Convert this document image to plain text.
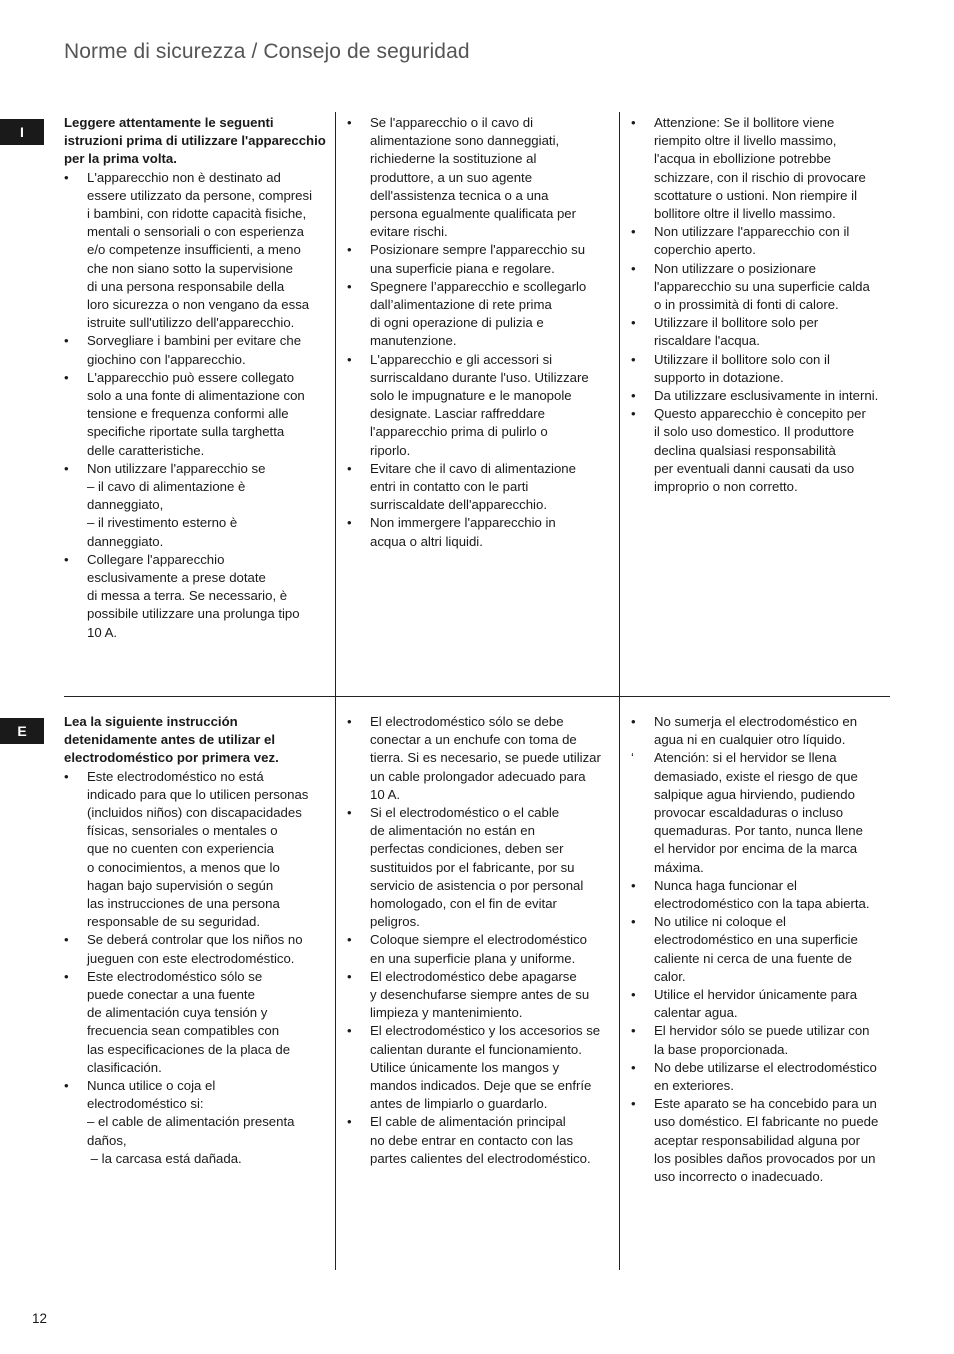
Norme di sicurezza / Consejo de seguridad
I
Leggere attentamente le seguenti istruzioni prima di utilizzare l'apparecchio per la prima volta.
• L'apparecchio non è destinato ad
essere utilizzato da persone, compresi
i bambini, con ridotte capacità fisiche,
mentali o sensoriali o con esperienza
e/o competenze insufficienti, a meno
che non siano sotto la supervisione
di una persona responsabile della
loro sicurezza o non vengano da essa
istruite sull'utilizzo dell'apparecchio.
• Sorvegliare i bambini per evitare che
giochino con l'apparecchio.
• L'apparecchio può essere collegato
solo a una fonte di alimentazione con
tensione e frequenza conformi alle
specifiche riportate sulla targhetta
delle caratteristiche.
• Non utilizzare l'apparecchio se
– il cavo di alimentazione è
danneggiato,
– il rivestimento esterno è
danneggiato.
• Collegare l'apparecchio
esclusivamente a prese dotate
di messa a terra. Se necessario, è
possibile utilizzare una prolunga tipo
10 A.
• Se l'apparecchio o il cavo di
alimentazione sono danneggiati,
richiederne la sostituzione al
produttore, a un suo agente
dell'assistenza tecnica o a una
persona egualmente qualificata per
evitare rischi.
• Posizionare sempre l'apparecchio su
una superficie piana e regolare.
• Spegnere l’apparecchio e scollegarlo
dall’alimentazione di rete prima
di ogni operazione di pulizia e
manutenzione.
• L'apparecchio e gli accessori si
surriscaldano durante l'uso. Utilizzare
solo le impugnature e le manopole
designate. Lasciar raffreddare
l'apparecchio prima di pulirlo o
riporlo.
• Evitare che il cavo di alimentazione
entri in contatto con le parti
surriscaldate dell'apparecchio.
• Non immergere l'apparecchio in
acqua o altri liquidi.
• Attenzione: Se il bollitore viene
riempito oltre il livello massimo,
l'acqua in ebollizione potrebbe
schizzare, con il rischio di provocare
scottature o ustioni. Non riempire il
bollitore oltre il livello massimo.
• Non utilizzare l'apparecchio con il
coperchio aperto.
• Non utilizzare o posizionare
l'apparecchio su una superficie calda
o in prossimità di fonti di calore.
• Utilizzare il bollitore solo per
riscaldare l'acqua.
• Utilizzare il bollitore solo con il
supporto in dotazione.
• Da utilizzare esclusivamente in interni.
• Questo apparecchio è concepito per
il solo uso domestico. Il produttore
declina qualsiasi responsabilità
per eventuali danni causati da uso
improprio o non corretto.
E
Lea la siguiente instrucción detenidamente antes de utilizar el electrodoméstico por primera vez.
• Este electrodoméstico no está
indicado para que lo utilicen personas
(incluidos niños) con discapacidades
físicas, sensoriales o mentales o
que no cuenten con experiencia
o conocimientos, a menos que lo
hagan bajo supervisión o según
las instrucciones de una persona
responsable de su seguridad.
• Se deberá controlar que los niños no
jueguen con este electrodoméstico.
• Este electrodoméstico sólo se
puede conectar a una fuente
de alimentación cuya tensión y
frecuencia sean compatibles con
las especificaciones de la placa de
clasificación.
• Nunca utilice o coja el
electrodoméstico si:
– el cable de alimentación presenta
daños,
– la carcasa está dañada.
• El electrodoméstico sólo se debe
conectar a un enchufe con toma de
tierra. Si es necesario, se puede utilizar
un cable prolongador adecuado para
10 A.
• Si el electrodoméstico o el cable
de alimentación no están en
perfectas condiciones, deben ser
sustituidos por el fabricante, por su
servicio de asistencia o por personal
homologado, con el fin de evitar
peligros.
• Coloque siempre el electrodoméstico
en una superficie plana y uniforme.
• El electrodoméstico debe apagarse
y desenchufarse siempre antes de su
limpieza y mantenimiento.
• El electrodoméstico y los accesorios se
calientan durante el funcionamiento.
Utilice únicamente los mangos y
mandos indicados. Deje que se enfríe
antes de limpiarlo o guardarlo.
• El cable de alimentación principal
no debe entrar en contacto con las
partes calientes del electrodoméstico.
• No sumerja el electrodoméstico en
agua ni en cualquier otro líquido.
‘ Atención: si el hervidor se llena
demasiado, existe el riesgo de que
salpique agua hirviendo, pudiendo
provocar escaldaduras o incluso
quemaduras. Por tanto, nunca llene
el hervidor por encima de la marca
máxima.
• Nunca haga funcionar el
electrodoméstico con la tapa abierta.
• No utilice ni coloque el
electrodoméstico en una superficie
caliente ni cerca de una fuente de
calor.
• Utilice el hervidor únicamente para
calentar agua.
• El hervidor sólo se puede utilizar con
la base proporcionada.
• No debe utilizarse el electrodoméstico
en exteriores.
• Este aparato se ha concebido para un
uso doméstico. El fabricante no puede
aceptar responsabilidad alguna por
los posibles daños provocados por un
uso incorrecto o inadecuado.
12
